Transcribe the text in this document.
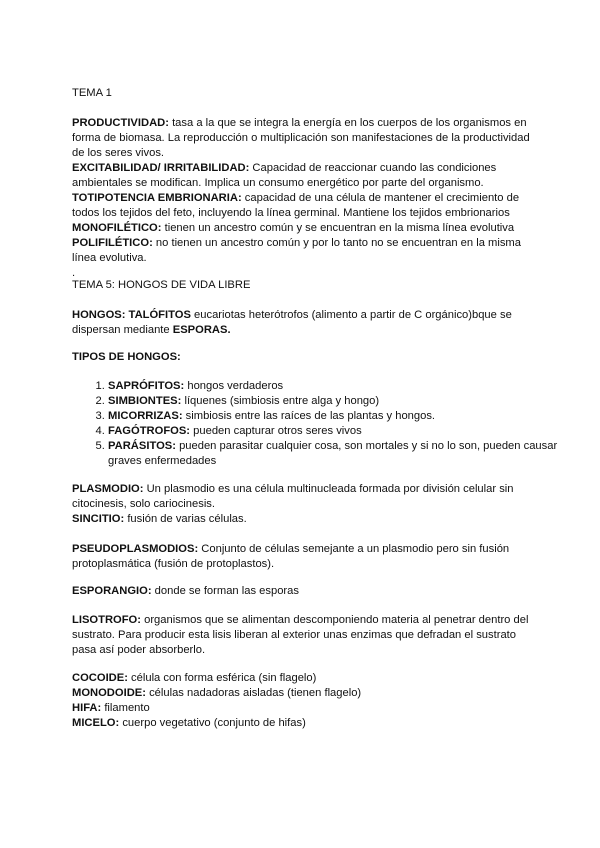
TEMA 1

PRODUCTIVIDAD: tasa a la que se integra la energía en los cuerpos de los organismos en forma de biomasa. La reproducción o multiplicación son manifestaciones de la productividad de los seres vivos.
EXCITABILIDAD/ IRRITABILIDAD: Capacidad de reaccionar cuando las condiciones ambientales se modifican. Implica un consumo energético por parte del organismo.
TOTIPOTENCIA EMBRIONARIA: capacidad de una célula de mantener el crecimiento de todos los tejidos del feto, incluyendo la línea germinal. Mantiene los tejidos embrionarios
MONOFILÉTICO: tienen un ancestro común y se encuentran en la misma línea evolutiva
POLIFILÉTICO: no tienen un ancestro común y por lo tanto no se encuentran en la misma línea evolutiva.
.

TEMA 5: HONGOS DE VIDA LIBRE

HONGOS: TALÓFITOS eucariotas heterótrofos (alimento a partir de C orgánico)bque se dispersan mediante ESPORAS.

TIPOS DE HONGOS:

1. SAPRÓFITOS: hongos verdaderos
2. SIMBIONTES: líquenes (simbiosis entre alga y hongo)
3. MICORRIZAS: simbiosis entre las raíces de las plantas y hongos.
4. FAGÓTROFOS: pueden capturar otros seres vivos
5. PARÁSITOS: pueden parasitar cualquier cosa, son mortales y si no lo son, pueden causar graves enfermedades
PLASMODIO: Un plasmodio es una célula multinucleada formada por división celular sin citocinesis, solo cariocinesis.
SINCITIO: fusión de varias células.

PSEUDOPLASMODIOS: Conjunto de células semejante a un plasmodio pero sin fusión protoplasmática (fusión de protoplastos).

ESPORANGIO: donde se forman las esporas

LISOTROFO: organismos que se alimentan descomponiendo materia al penetrar dentro del sustrato. Para producir esta lisis liberan al exterior unas enzimas que defradan el sustrato pasa así poder absorberlo.

COCOIDE: célula con forma esférica (sin flagelo)
MONODOIDE: células nadadoras aisladas (tienen flagelo)
HIFA: filamento
MICELO: cuerpo vegetativo (conjunto de hifas)
